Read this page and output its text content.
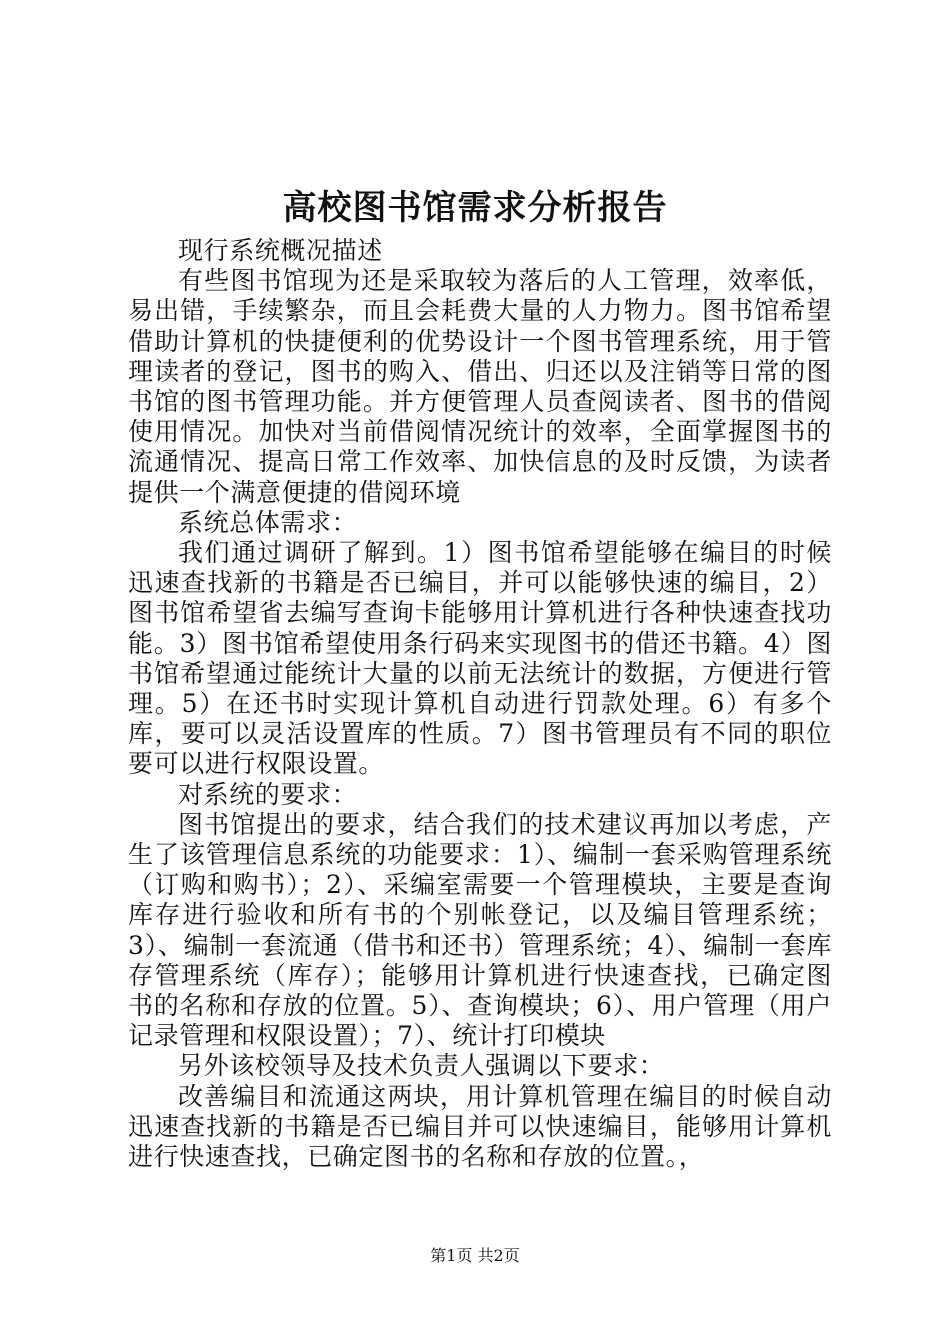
高校图书馆需求分析报告

现行系统概况描述

有些图书馆现为还是采取较为落后的人工管理，效率低，易出错，手续繁杂，而且会耗费大量的人力物力。图书馆希望借助计算机的快捷便利的优势设计一个图书管理系统，用于管理读者的登记，图书的购入、借出、归还以及注销等日常的图书馆的图书管理功能。并方便管理人员查阅读者、图书的借阅使用情况。加快对当前借阅情况统计的效率，全面掌握图书的流通情况、提高日常工作效率、加快信息的及时反馈，为读者提供一个满意便捷的借阅环境

系统总体需求：

我们通过调研了解到。1）图书馆希望能够在编目的时候迅速查找新的书籍是否已编目，并可以能够快速的编目，2）图书馆希望省去编写查询卡能够用计算机进行各种快速查找功能。3）图书馆希望使用条行码来实现图书的借还书籍。4）图书馆希望通过能统计大量的以前无法统计的数据，方便进行管理。5）在还书时实现计算机自动进行罚款处理。6）有多个库，要可以灵活设置库的性质。7）图书管理员有不同的职位要可以进行权限设置。

对系统的要求：

图书馆提出的要求，结合我们的技术建议再加以考虑，产生了该管理信息系统的功能要求：1）、编制一套采购管理系统（订购和购书）；2）、采编室需要一个管理模块，主要是查询库存进行验收和所有书的个别帐登记，以及编目管理系统；3）、编制一套流通（借书和还书）管理系统；4）、编制一套库存管理系统（库存）；能够用计算机进行快速查找，已确定图书的名称和存放的位置。5）、查询模块；6）、用户管理（用户记录管理和权限设置）；7）、统计打印模块

另外该校领导及技术负责人强调以下要求：

改善编目和流通这两块，用计算机管理在编目的时候自动迅速查找新的书籍是否已编目并可以快速编目，能够用计算机进行快速查找，已确定图书的名称和存放的位置。，

第1页 共2页
